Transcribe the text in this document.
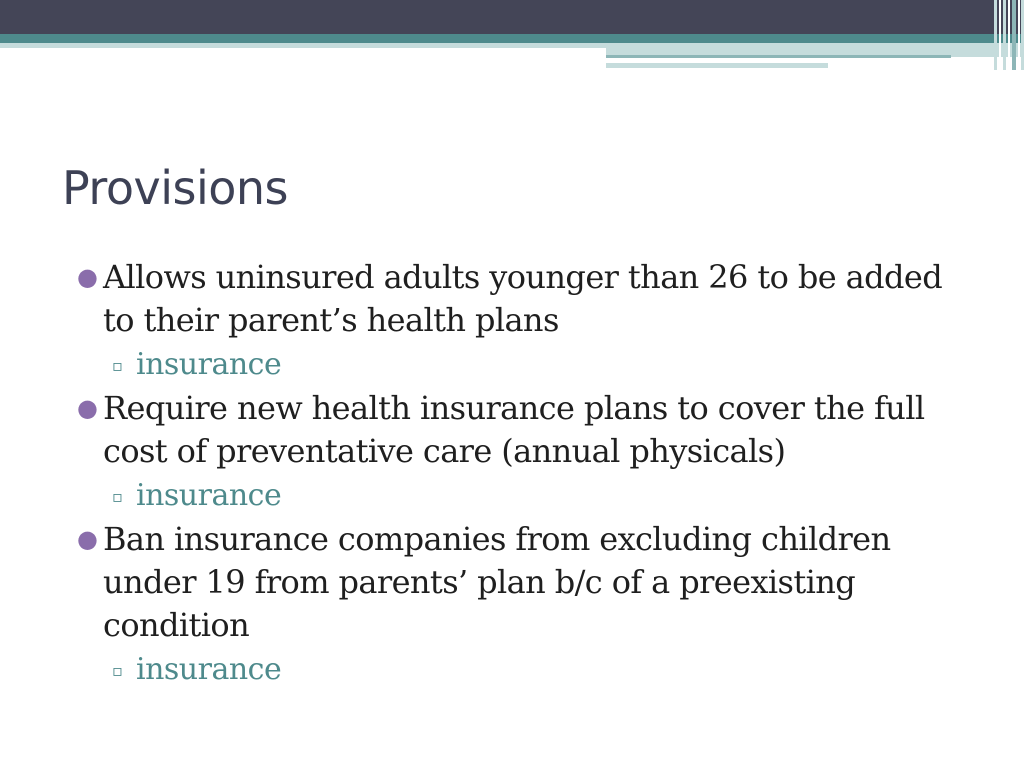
Provisions
● Allows uninsured adults younger than 26 to be added to their parent’s health plans
▫ insurance
● Require new health insurance plans to cover the full cost of preventative care (annual physicals)
▫ insurance
● Ban insurance companies from excluding children under 19 from parents’ plan b/c of a preexisting condition
▫ insurance
